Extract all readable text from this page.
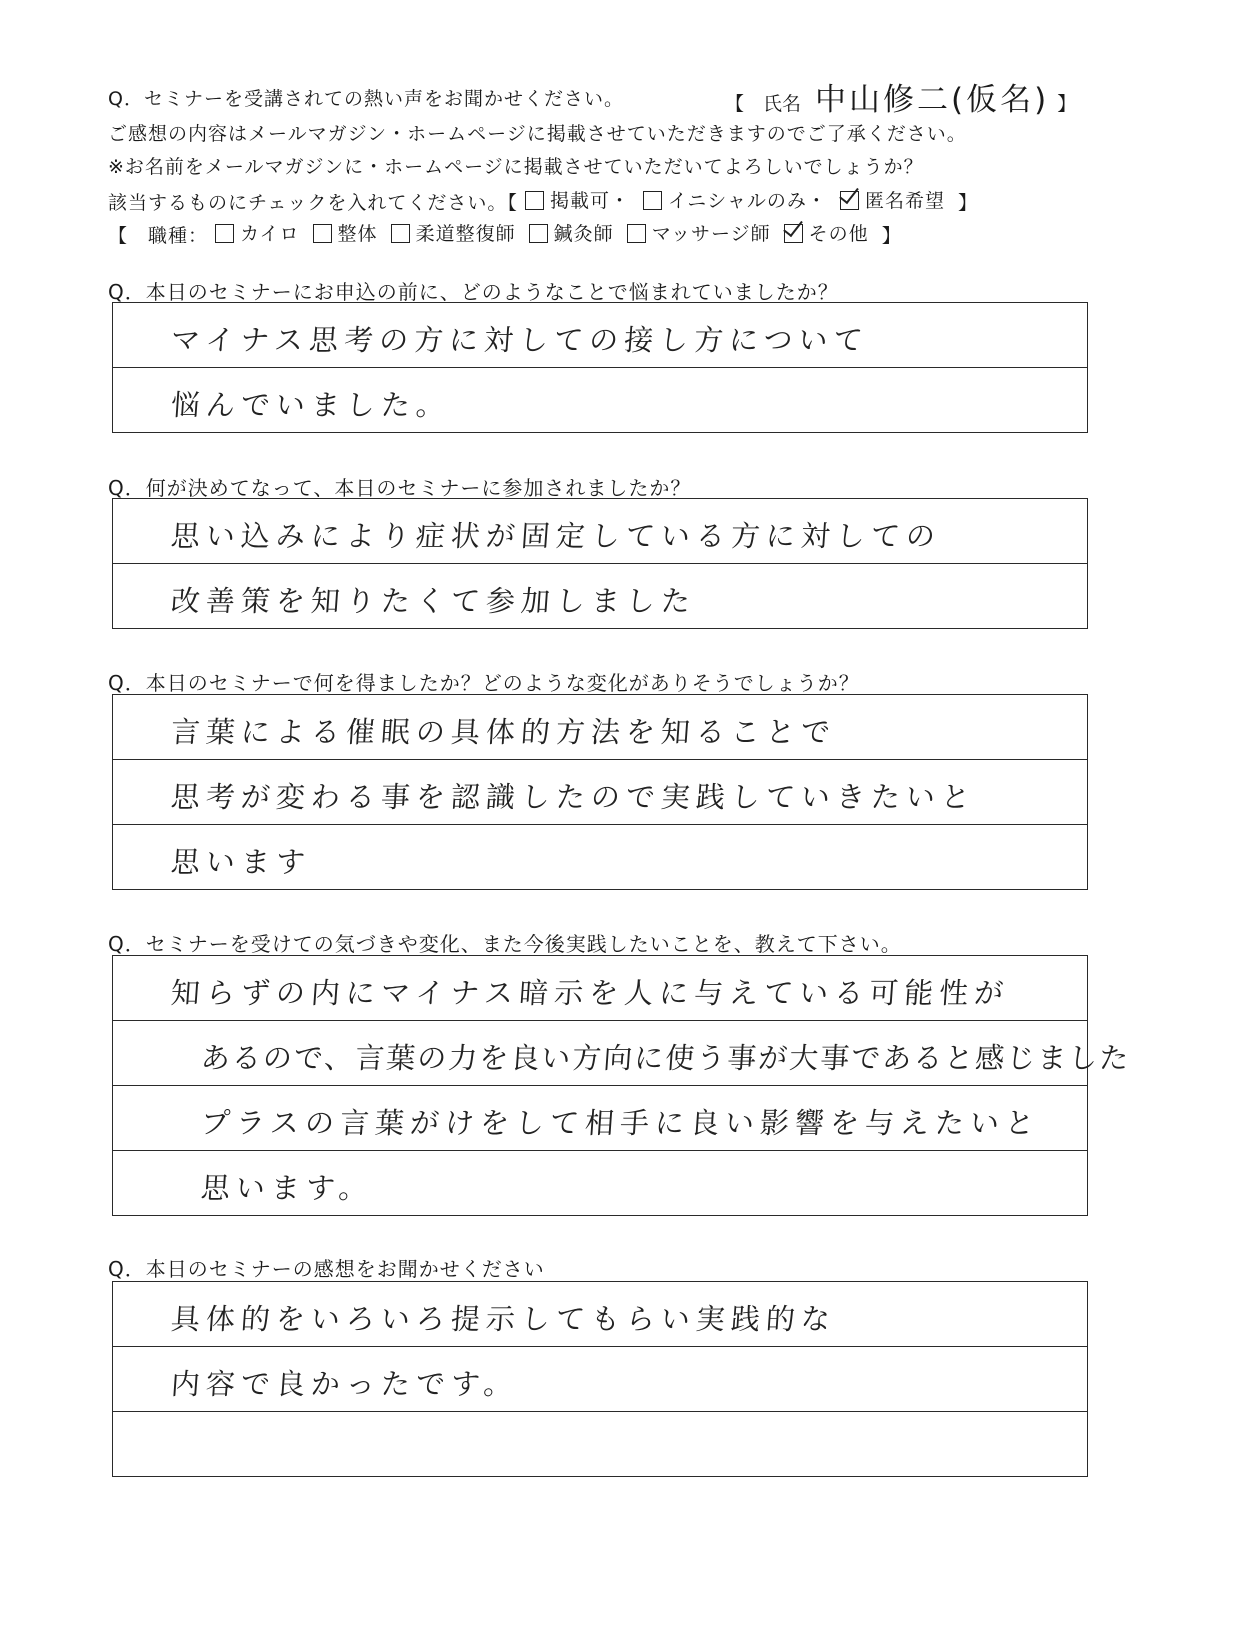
Q．セミナーを受講されての熱い声をお聞かせください。	【　氏名 中山修二(仮名) 】
ご感想の内容はメールマガジン・ホームページに掲載させていただきますのでご了承ください。
※お名前をメールマガジンに・ホームページに掲載させていただいてよろしいでしょうか？
該当するものにチェックを入れてください。【 掲載可・
イニシャルのみ・
匿名希望 】
【　職種： カイロ
整体
柔道整復師
鍼灸師
マッサージ師
その他 】
Q．本日のセミナーにお申込の前に、どのようなことで悩まれていましたか？
マイナス思考の方に対しての接し方について
悩んでいました。
Q．何が決めてなって、本日のセミナーに参加されましたか？
思い込みにより症状が固定している方に対しての
改善策を知りたくて参加しました
Q．本日のセミナーで何を得ましたか？どのような変化がありそうでしょうか？
言葉による催眠の具体的方法を知ることで
思考が変わる事を認識したので実践していきたいと
思います
Q．セミナーを受けての気づきや変化、また今後実践したいことを、教えて下さい。
知らずの内にマイナス暗示を人に与えている可能性が
あるので、言葉の力を良い方向に使う事が大事であると感じました
プラスの言葉がけをして相手に良い影響を与えたいと
思います。
Q．本日のセミナーの感想をお聞かせください
具体的をいろいろ提示してもらい実践的な
内容で良かったです。
